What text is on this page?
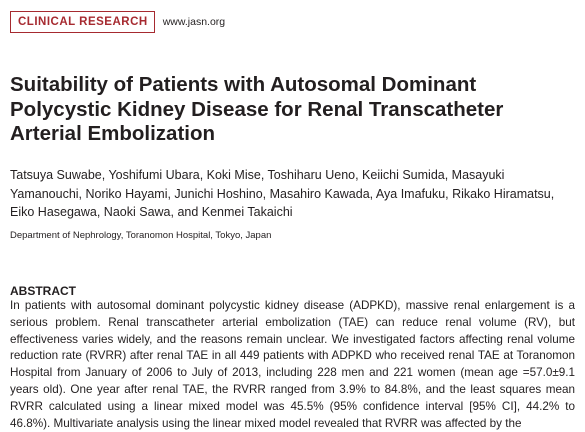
CLINICAL RESEARCH	www.jasn.org
Suitability of Patients with Autosomal Dominant Polycystic Kidney Disease for Renal Transcatheter Arterial Embolization

Tatsuya Suwabe, Yoshifumi Ubara, Koki Mise, Toshiharu Ueno, Keiichi Sumida, Masayuki Yamanouchi, Noriko Hayami, Junichi Hoshino, Masahiro Kawada, Aya Imafuku, Rikako Hiramatsu, Eiko Hasegawa, Naoki Sawa, and Kenmei Takaichi

Department of Nephrology, Toranomon Hospital, Tokyo, Japan

ABSTRACT

In patients with autosomal dominant polycystic kidney disease (ADPKD), massive renal enlargement is a serious problem. Renal transcatheter arterial embolization (TAE) can reduce renal volume (RV), but effectiveness varies widely, and the reasons remain unclear. We investigated factors affecting renal volume reduction rate (RVRR) after renal TAE in all 449 patients with ADPKD who received renal TAE at Toranomon Hospital from January of 2006 to July of 2013, including 228 men and 221 women (mean age =57.0±9.1 years old). One year after renal TAE, the RVRR ranged from 3.9% to 84.8%, and the least squares mean RVRR calculated using a linear mixed model was 45.5% (95% confidence interval [95% CI], 44.2% to 46.8%). Multivariate analysis using the linear mixed model revealed that RVRR was affected by the
